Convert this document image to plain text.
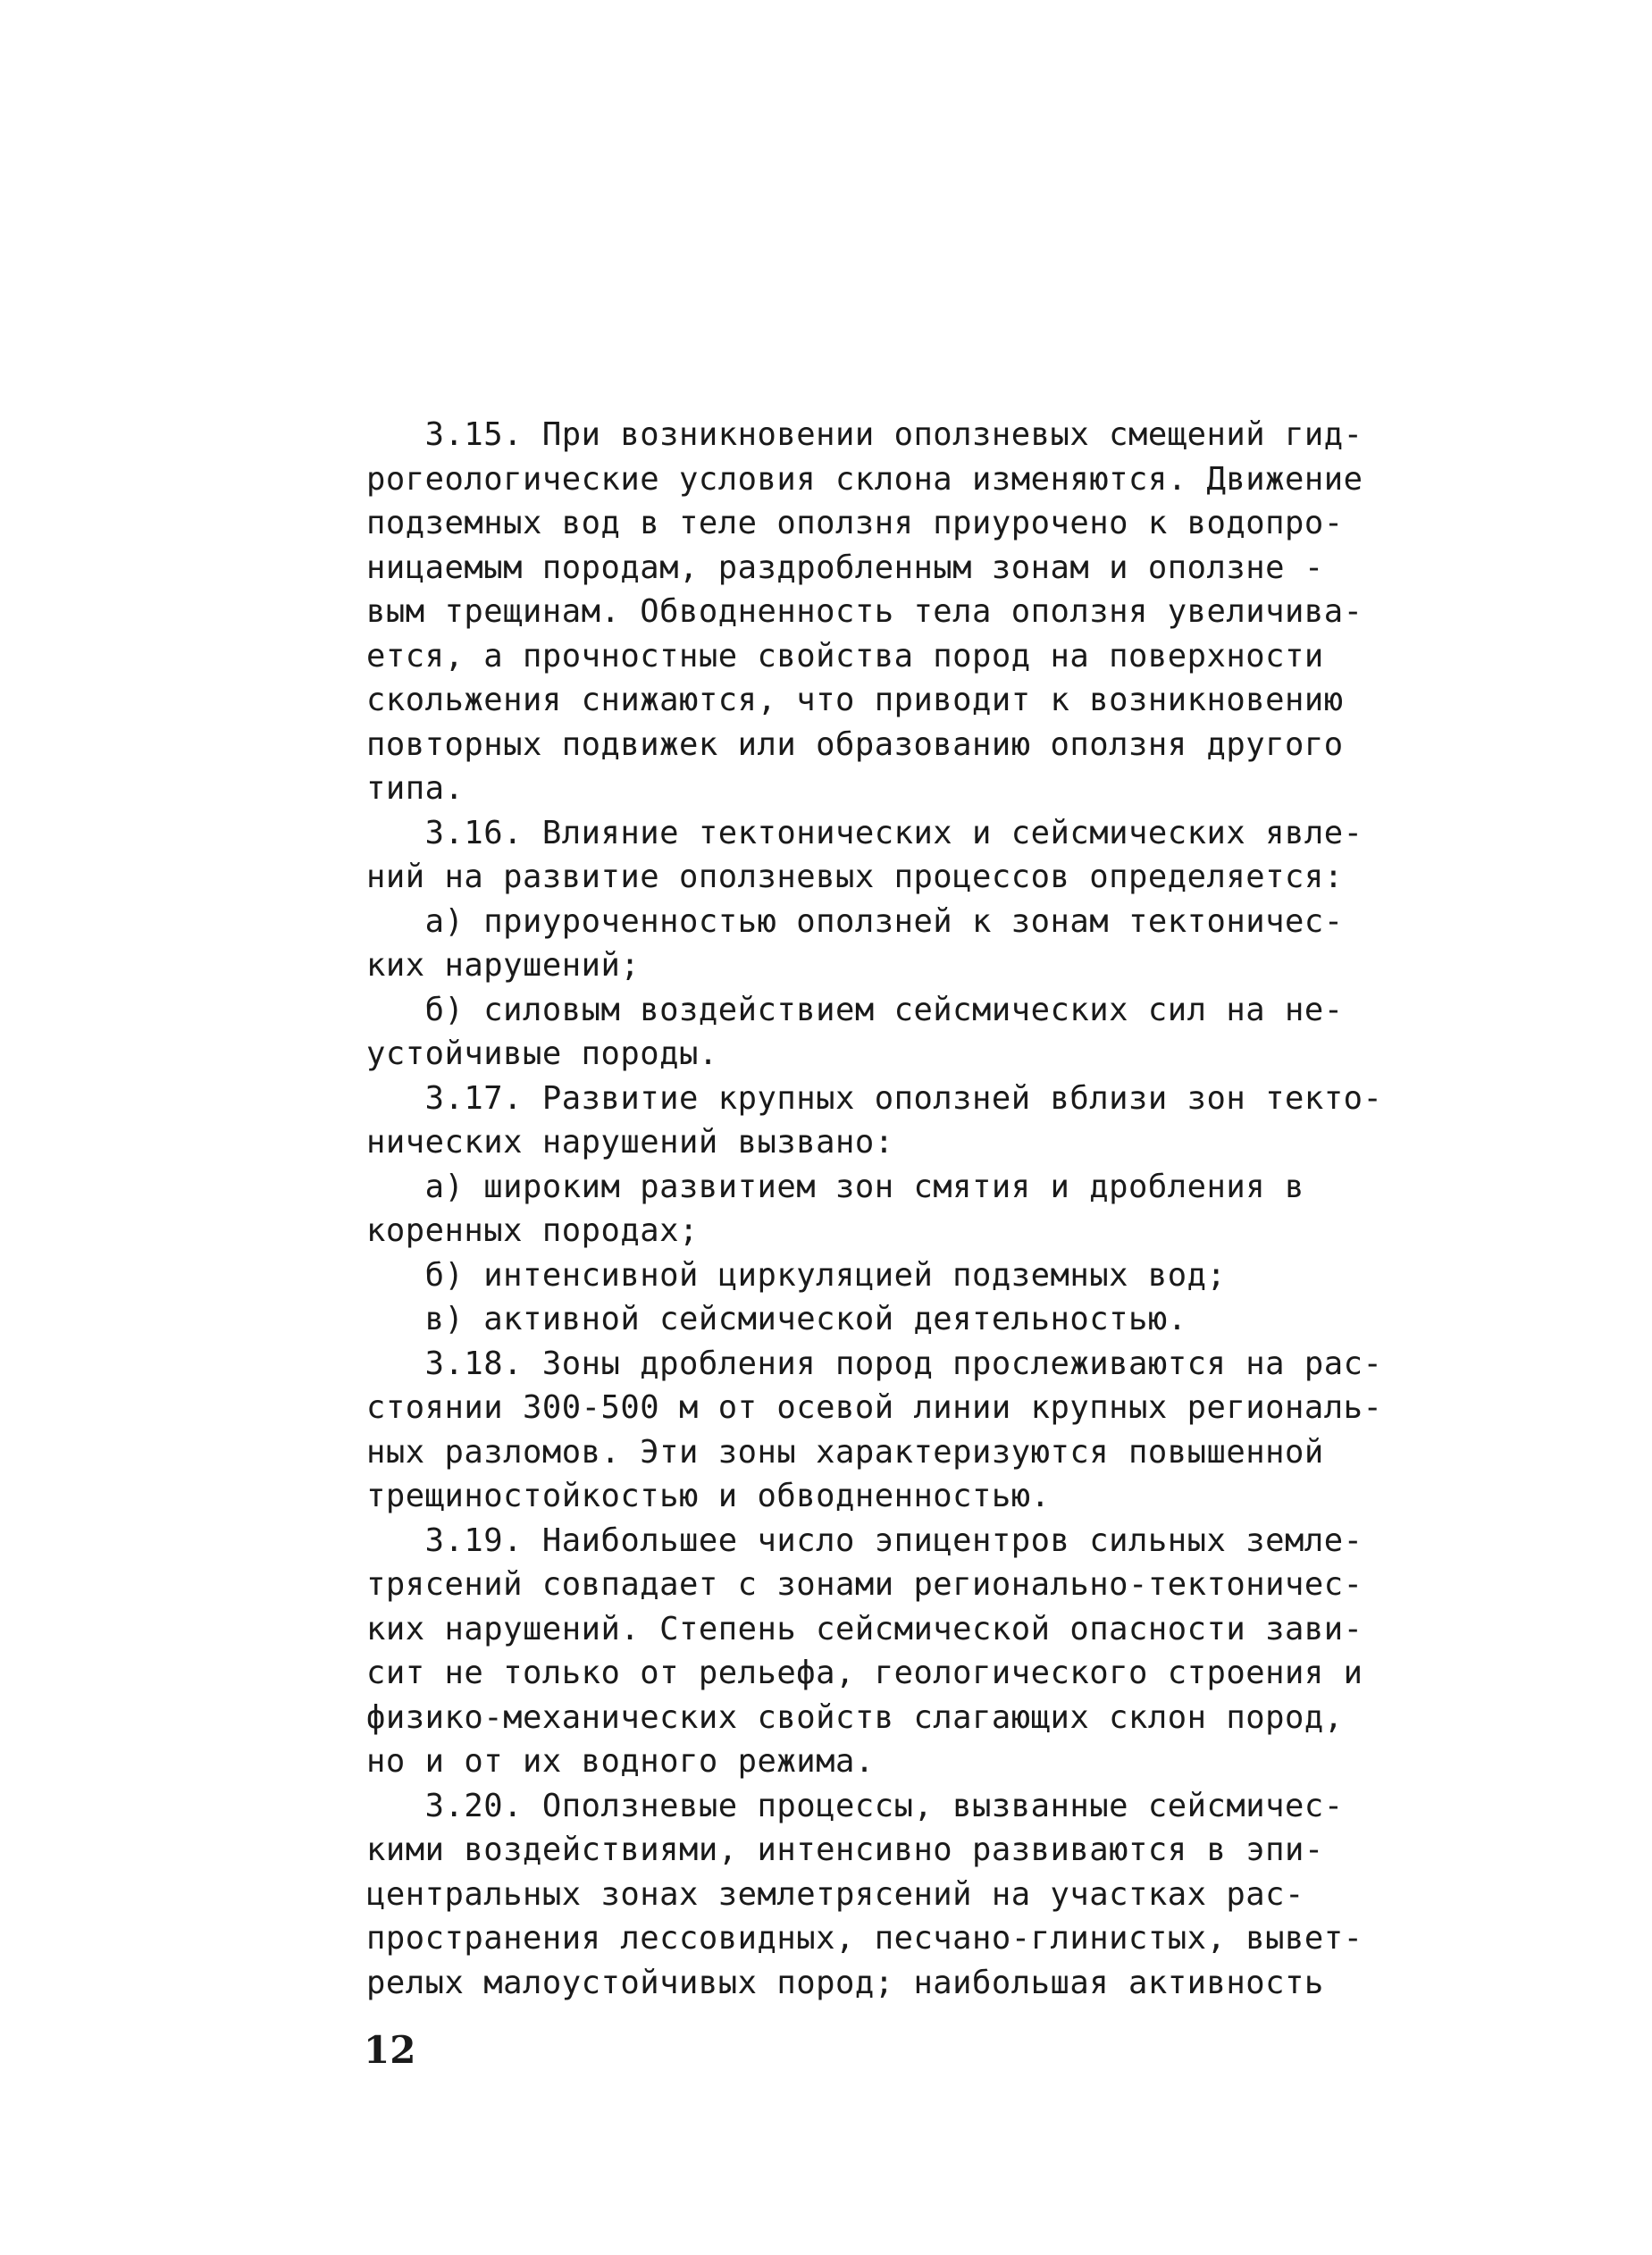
3.15. При возникновении оползневых смещений гид-
рогеологические условия склона изменяются. Движение
подземных вод в теле оползня приурочено к водопро-
ницаемым породам, раздробленным зонам и оползне -
вым трещинам. Обводненность тела оползня увеличива-
ется, а прочностные свойства пород на поверхности
скольжения снижаются, что приводит к возникновению
повторных подвижек или образованию оползня другого
типа.
3.16. Влияние тектонических и сейсмических явле-
ний на развитие оползневых процессов определяется:
а) приуроченностью оползней к зонам тектоничес-
ких нарушений;
б) силовым воздействием сейсмических сил на не-
устойчивые породы.
3.17. Развитие крупных оползней вблизи зон текто-
нических нарушений вызвано:
а) широким развитием зон смятия и дробления в
коренных породах;
б) интенсивной циркуляцией подземных вод;
в) активной сейсмической деятельностью.
3.18. Зоны дробления пород прослеживаются на рас-
стоянии 300-500 м от осевой линии крупных региональ-
ных разломов. Эти зоны характеризуются повышенной
трещиностойкостью и обводненностью.
3.19. Наибольшее число эпицентров сильных земле-
трясений совпадает с зонами регионально-тектоничес-
ких нарушений. Степень сейсмической опасности зави-
сит не только от рельефа, геологического строения и
физико-механических свойств слагающих склон пород,
но и от их водного режима.
3.20. Оползневые процессы, вызванные сейсмичес-
кими воздействиями, интенсивно развиваются в эпи-
центральных зонах землетрясений на участках рас-
пространения лессовидных, песчано-глинистых, вывет-
релых малоустойчивых пород; наибольшая активность
12
